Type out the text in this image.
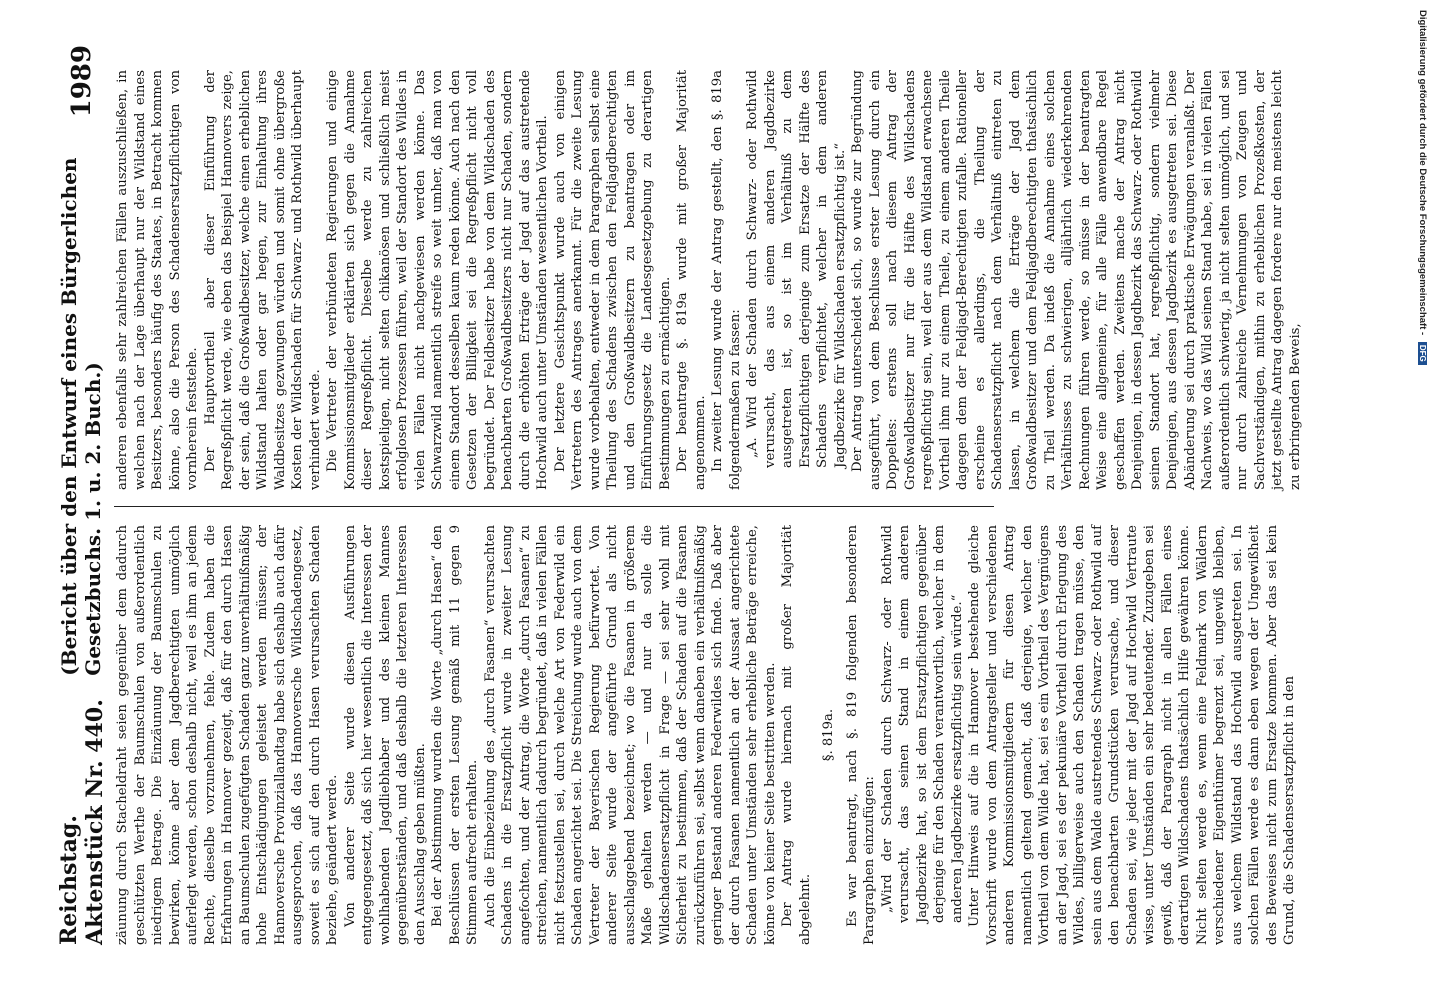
Reichstag. Aktenstück Nr. 440.
(Bericht über den Entwurf eines Bürgerlichen Gesetzbuchs. 1. u. 2. Buch.)
1989

zäunung durch Stacheldraht seien gegenüber dem dadurch geschützten Werthe der Baumschulen von außerordentlich niedrigem Betrage. Die Einzäunung der Baumschulen zu bewirken, könne aber dem Jagdberechtigten unmöglich auferlegt werden, schon deshalb nicht, weil es ihm an jedem Rechte, dieselbe vorzunehmen, fehle. Zudem haben die Erfahrungen in Hannover gezeigt, daß für den durch Hasen an Baumschulen zugefügten Schaden ganz unverhältnißmäßig hohe Entschädigungen geleistet werden müssen; der Hannoversche Provinziallandtag habe sich deshalb auch dafür ausgesprochen, daß das Hannoversche Wildschadengesetz, soweit es sich auf den durch Hasen verursachten Schaden beziehe, geändert werde. Von anderer Seite wurde diesen Ausführungen entgegengesetzt, daß sich hier wesentlich die Interessen der wohlhabenden Jagdliebhaber und des kleinen Mannes gegenüberständen, und daß deshalb die letzteren Interessen den Ausschlag geben müßten. Bei der Abstimmung wurden die Worte „durch Hasen“ den Beschlüssen der ersten Lesung gemäß mit 11 gegen 9 Stimmen aufrecht erhalten. Auch die Einbeziehung des „durch Fasanen“ verursachten Schadens in die Ersatzpflicht wurde in zweiter Lesung angefochten, und der Antrag, die Worte „durch Fasanen“ zu streichen, namentlich dadurch begründet, daß in vielen Fällen nicht festzustellen sei, durch welche Art von Federwild ein Schaden angerichtet sei. Die Streichung wurde auch von dem Vertreter der Bayerischen Regierung befürwortet. Von anderer Seite wurde der angeführte Grund als nicht ausschlaggebend bezeichnet; wo die Fasanen in größerem Maße gehalten werden — und nur da solle die Wildschadensersatzpflicht in Frage — sei sehr wohl mit Sicherheit zu bestimmen, daß der Schaden auf die Fasanen zurückzuführen sei, selbst wenn daneben ein verhältnißmäßig geringer Bestand anderen Federwildes sich finde. Daß aber der durch Fasanen namentlich an der Aussaat angerichtete Schaden unter Umständen sehr erhebliche Beträge erreiche, könne von keiner Seite bestritten werden. Der Antrag wurde hiernach mit großer Majorität abgelehnt.

§. 819a. Es war beantragt, nach §. 819 folgenden besonderen Paragraphen einzufügen: „Wird der Schaden durch Schwarz- oder Rothwild verursacht, das seinen Stand in einem anderen Jagdbezirke hat, so ist dem Ersatzpflichtigen gegenüber derjenige für den Schaden verantwortlich, welcher in dem anderen Jagdbezirke ersatzpflichtig sein würde.“ Unter Hinweis auf die in Hannover bestehende gleiche Vorschrift wurde von dem Antragsteller und verschiedenen anderen Kommissionsmitgliedern für diesen Antrag namentlich geltend gemacht, daß derjenige, welcher den Vortheil von dem Wilde hat, sei es ein Vortheil des Vergnügens an der Jagd, sei es der pekuniäre Vortheil durch Erlegung des Wildes, billigerweise auch den Schaden tragen müsse, den sein aus dem Walde austretendes Schwarz- oder Rothwild auf den benachbarten Grundstücken verursache, und dieser Schaden sei, wie jeder mit der Jagd auf Hochwild Vertraute wisse, unter Umständen ein sehr bedeutender. Zuzugeben sei gewiß, daß der Paragraph nicht in allen Fällen eines derartigen Wildschadens thatsächlich Hilfe gewähren könne. Nicht selten werde es, wenn eine Feldmark von Wäldern verschiedener Eigenthümer begrenzt sei, ungewiß bleiben, aus welchem Wildstand das Hochwild ausgetreten sei. In solchen Fällen werde es dann eben wegen der Ungewißheit des Beweises nicht zum Ersatze kommen. Aber das sei kein Grund, die Schadensersatzpflicht in den

anderen ebenfalls sehr zahlreichen Fällen auszuschließen, in welchen nach der Lage überhaupt nur der Wildstand eines Besitzers, besonders häufig des Staates, in Betracht kommen könne, also die Person des Schadensersatzpflichtigen von vornherein feststehe. Der Hauptvortheil aber dieser Einführung der Regreßpflicht werde, wie eben das Beispiel Hannovers zeige, der sein, daß die Großwaldbesitzer, welche einen erheblichen Wildstand halten oder gar hegen, zur Einhaltung ihres Waldbesitzes gezwungen würden und somit ohne übergroße Kosten der Wildschaden für Schwarz- und Rothwild überhaupt verhindert werde. Die Vertreter der verbündeten Regierungen und einige Kommissionsmitglieder erklärten sich gegen die Annahme dieser Regreßpflicht. Dieselbe werde zu zahlreichen kostspieligen, nicht selten chikanösen und schließlich meist erfolglosen Prozessen führen, weil der Standort des Wildes in vielen Fällen nicht nachgewiesen werden könne. Das Schwarzwild namentlich streife so weit umher, daß man von einem Standort desselben kaum reden könne. Auch nach den Gesetzen der Billigkeit sei die Regreßpflicht nicht voll begründet. Der Feldbesitzer habe von dem Wildschaden des benachbarten Großwaldbesitzers nicht nur Schaden, sondern durch die erhöhten Erträge der Jagd auf das austretende Hochwild auch unter Umständen wesentlichen Vortheil. Der letztere Gesichtspunkt wurde auch von einigen Vertretern des Antrages anerkannt. Für die zweite Lesung wurde vorbehalten, entweder in dem Paragraphen selbst eine Theilung des Schadens zwischen den Feldjagdberechtigten und den Großwaldbesitzern zu beantragen oder im Einführungsgesetz die Landesgesetzgebung zu derartigen Bestimmungen zu ermächtigen. Der beantragte §. 819a wurde mit großer Majorität angenommen. In zweiter Lesung wurde der Antrag gestellt, den §. 819a folgendermaßen zu fassen: „A. Wird der Schaden durch Schwarz- oder Rothwild verursacht, das aus einem anderen Jagdbezirke ausgetreten ist, so ist im Verhältniß zu dem Ersatzpflichtigen derjenige zum Ersatze der Hälfte des Schadens verpflichtet, welcher in dem anderen Jagdbezirke für Wildschaden ersatzpflichtig ist.“ Der Antrag unterscheidet sich, so wurde zur Begründung ausgeführt, von dem Beschlusse erster Lesung durch ein Doppeltes: erstens soll nach diesem Antrag der Großwaldbesitzer nur für die Hälfte des Wildschadens regreßpflichtig sein, weil der aus dem Wildstand erwachsene Vortheil ihm nur zu einem Theile, zu einem anderen Theile dagegen dem der Feldjagd-Berechtigten zufalle. Rationeller erscheine es allerdings, die Theilung der Schadensersatzpflicht nach dem Verhältniß eintreten zu lassen, in welchem die Erträge der Jagd dem Großwaldbesitzer und dem Feldjagdberechtigten thatsächlich zu Theil werden. Da indeß die Annahme eines solchen Verhältnisses zu schwierigen, alljährlich wiederkehrenden Rechnungen führen werde, so müsse in der beantragten Weise eine allgemeine, für alle Fälle anwendbare Regel geschaffen werden. Zweitens mache der Antrag nicht Denjenigen, in dessen Jagdbezirk das Schwarz- oder Rothwild seinen Standort hat, regreßpflichtig, sondern vielmehr Denjenigen, aus dessen Jagdbezirk es ausgetreten sei. Diese Abänderung sei durch praktische Erwägungen veranlaßt. Der Nachweis, wo das Wild seinen Stand habe, sei in vielen Fällen außerordentlich schwierig, ja nicht selten unmöglich, und sei nur durch zahlreiche Vernehmungen von Zeugen und Sachverständigen, mithin zu erheblichen Prozeßkosten, der jetzt gestellte Antrag dagegen fordere nur den meistens leicht zu erbringenden Beweis,

Digitalisierung gefördert durch die Deutsche Forschungsgemeinschaft - DFG
